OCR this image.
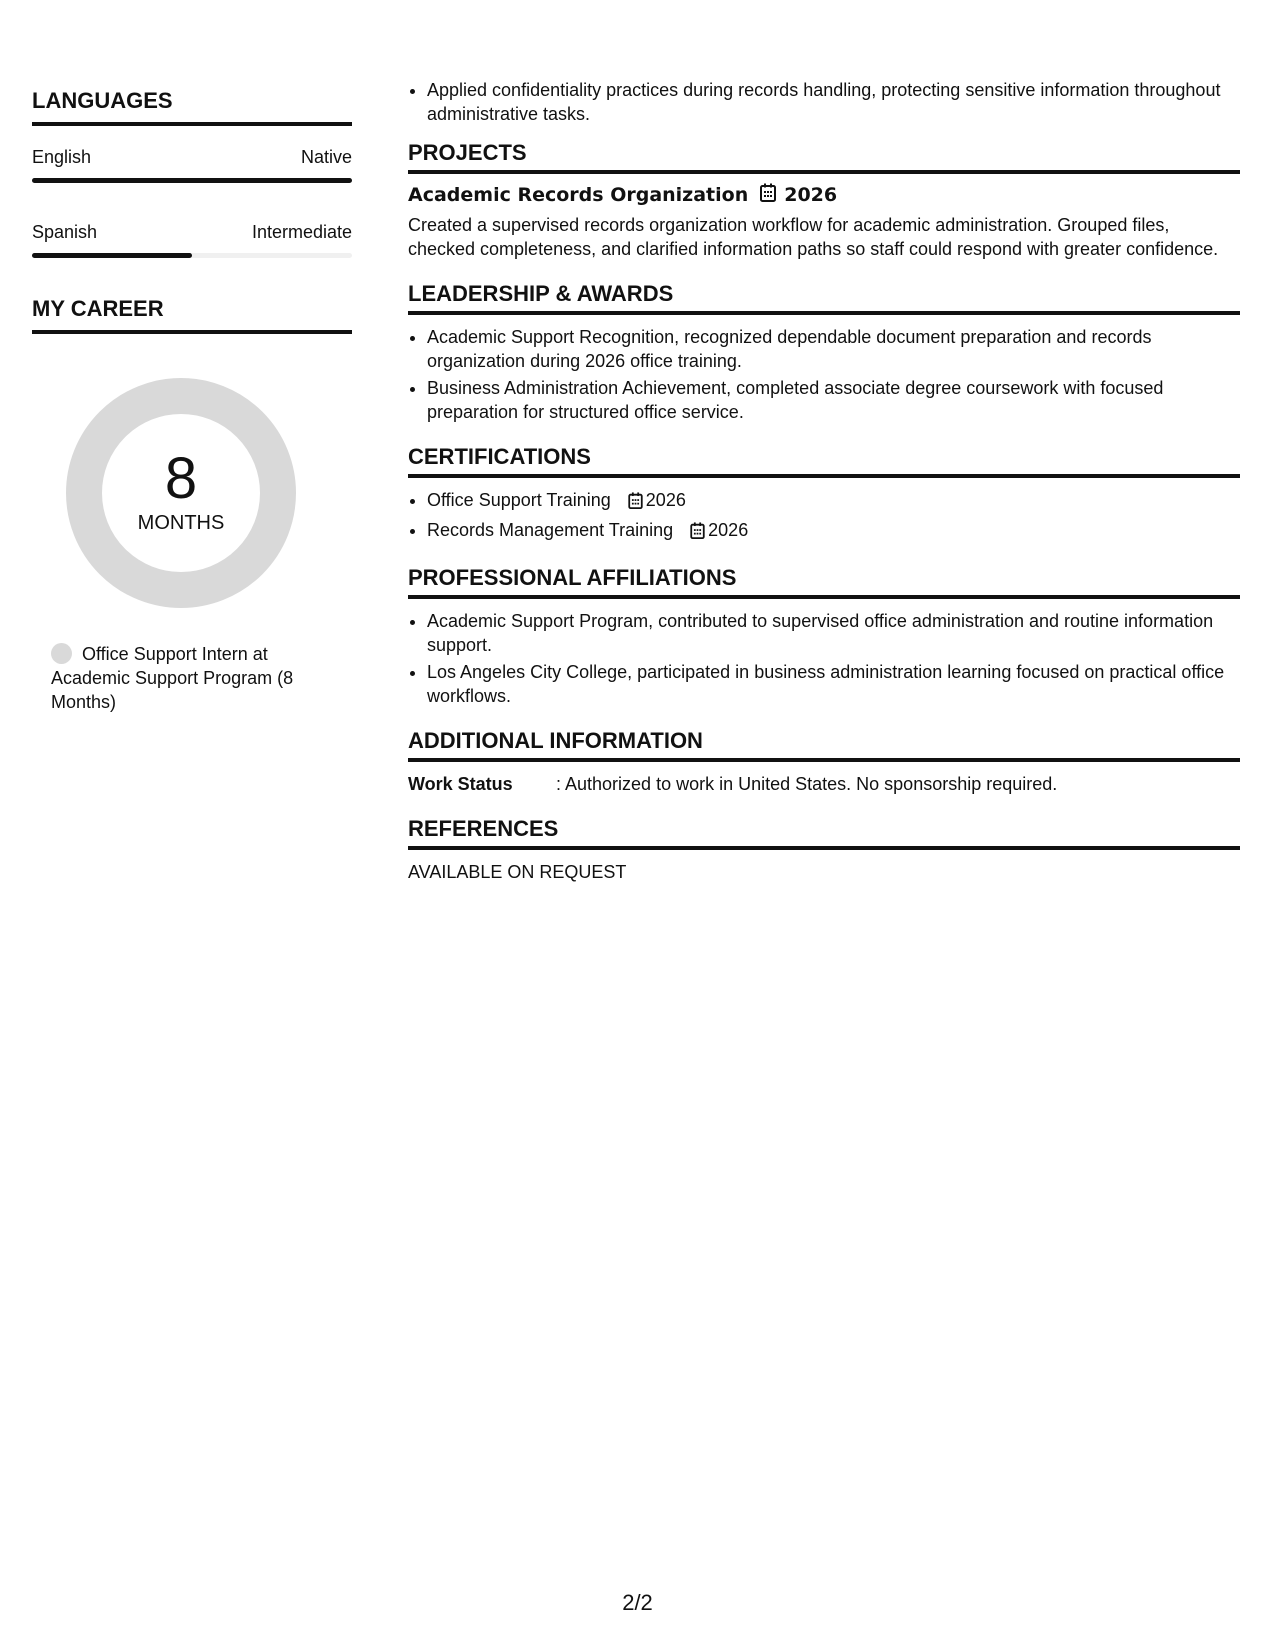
LANGUAGES
English	Native
Spanish	Intermediate
MY CAREER
8
MONTHS
Office Support Intern at Academic Support Program (8 Months)
• Applied confidentiality practices during records handling, protecting sensitive information throughout administrative tasks.
PROJECTS
Academic Records Organization 2026
Created a supervised records organization workflow for academic administration. Grouped files, checked completeness, and clarified information paths so staff could respond with greater confidence.
LEADERSHIP & AWARDS
• Academic Support Recognition, recognized dependable document preparation and records organization during 2026 office training.
• Business Administration Achievement, completed associate degree coursework with focused preparation for structured office service.
CERTIFICATIONS
• Office Support Training 2026
• Records Management Training 2026
PROFESSIONAL AFFILIATIONS
• Academic Support Program, contributed to supervised office administration and routine information support.
• Los Angeles City College, participated in business administration learning focused on practical office workflows.
ADDITIONAL INFORMATION
Work Status	: Authorized to work in United States. No sponsorship required.
REFERENCES
AVAILABLE ON REQUEST
2/2
